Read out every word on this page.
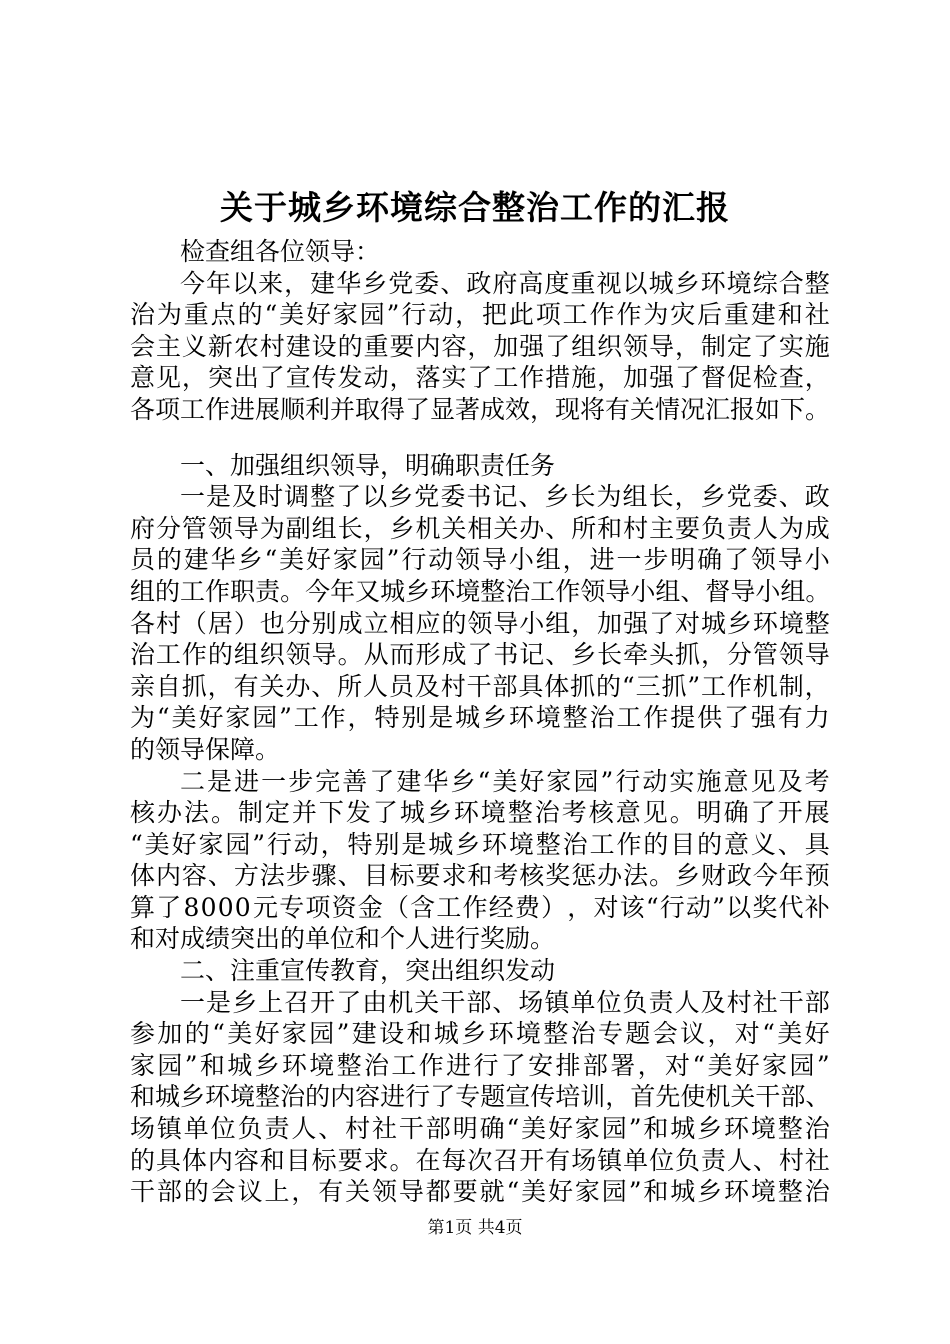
关于城乡环境综合整治工作的汇报
检查组各位领导：
今 年 以 来 ， 建 华 乡 党 委 、 政 府 高 度 重 视 以 城 乡 环 境 综 合 整
治 为 重 点 的 “ 美 好 家 园 ” 行 动 ， 把 此 项 工 作 作 为 灾 后 重 建 和 社
会 主 义 新 农 村 建 设 的 重 要 内 容 ， 加 强 了 组 织 领 导 ， 制 定 了 实 施
意 见 ， 突 出 了 宣 传 发 动 ， 落 实 了 工 作 措 施 ， 加 强 了 督 促 检 查 ，
各项工作进展顺利并取得了显著成效，现将有关情况汇报如下。
一、加强组织领导，明确职责任务
一 是 及 时 调 整 了 以 乡 党 委 书 记 、 乡 长 为 组 长 ， 乡 党 委 、 政
府 分 管 领 导 为 副 组 长 ， 乡 机 关 相 关 办 、 所 和 村 主 要 负 责 人 为 成
员 的 建 华 乡 “ 美 好 家 园 ” 行 动 领 导 小 组 ， 进 一 步 明 确 了 领 导 小
组 的 工 作 职 责 。 今 年 又 城 乡 环 境 整 治 工 作 领 导 小 组 、 督 导 小 组 。
各 村 （ 居 ） 也 分 别 成 立 相 应 的 领 导 小 组 ， 加 强 了 对 城 乡 环 境 整
治 工 作 的 组 织 领 导 。 从 而 形 成 了 书 记 、 乡 长 牵 头 抓 ， 分 管 领 导
亲 自 抓 ， 有 关 办 、 所 人 员 及 村 干 部 具 体 抓 的 “ 三 抓 ” 工 作 机 制 ，
为 “ 美 好 家 园 ” 工 作 ， 特 别 是 城 乡 环 境 整 治 工 作 提 供 了 强 有 力
的领导保障。
二 是 进 一 步 完 善 了 建 华 乡 “ 美 好 家 园 ” 行 动 实 施 意 见 及 考
核 办 法 。 制 定 并 下 发 了 城 乡 环 境 整 治 考 核 意 见 。 明 确 了 开 展
“ 美 好 家 园 ” 行 动 ， 特 别 是 城 乡 环 境 整 治 工 作 的 目 的 意 义 、 具
体 内 容 、 方 法 步 骤 、 目 标 要 求 和 考 核 奖 惩 办 法 。 乡 财 政 今 年 预
算 了 8 0 0 0 元 专 项 资 金 （ 含 工 作 经 费 ） ， 对 该 “ 行 动 ” 以 奖 代 补
和对成绩突出的单位和个人进行奖励。
二、注重宣传教育，突出组织发动
一 是 乡 上 召 开 了 由 机 关 干 部 、 场 镇 单 位 负 责 人 及 村 社 干 部
参 加 的 “ 美 好 家 园 ” 建 设 和 城 乡 环 境 整 治 专 题 会 议 ， 对 “ 美 好
家 园 ” 和 城 乡 环 境 整 治 工 作 进 行 了 安 排 部 署 ， 对 “ 美 好 家 园 ”
和 城 乡 环 境 整 治 的 内 容 进 行 了 专 题 宣 传 培 训 ， 首 先 使 机 关 干 部 、
场 镇 单 位 负 责 人 、 村 社 干 部 明 确 “ 美 好 家 园 ” 和 城 乡 环 境 整 治
的 具 体 内 容 和 目 标 要 求 。 在 每 次 召 开 有 场 镇 单 位 负 责 人 、 村 社
干 部 的 会 议 上 ， 有 关 领 导 都 要 就 “ 美 好 家 园 ” 和 城 乡 环 境 整 治
第1页 共4页
